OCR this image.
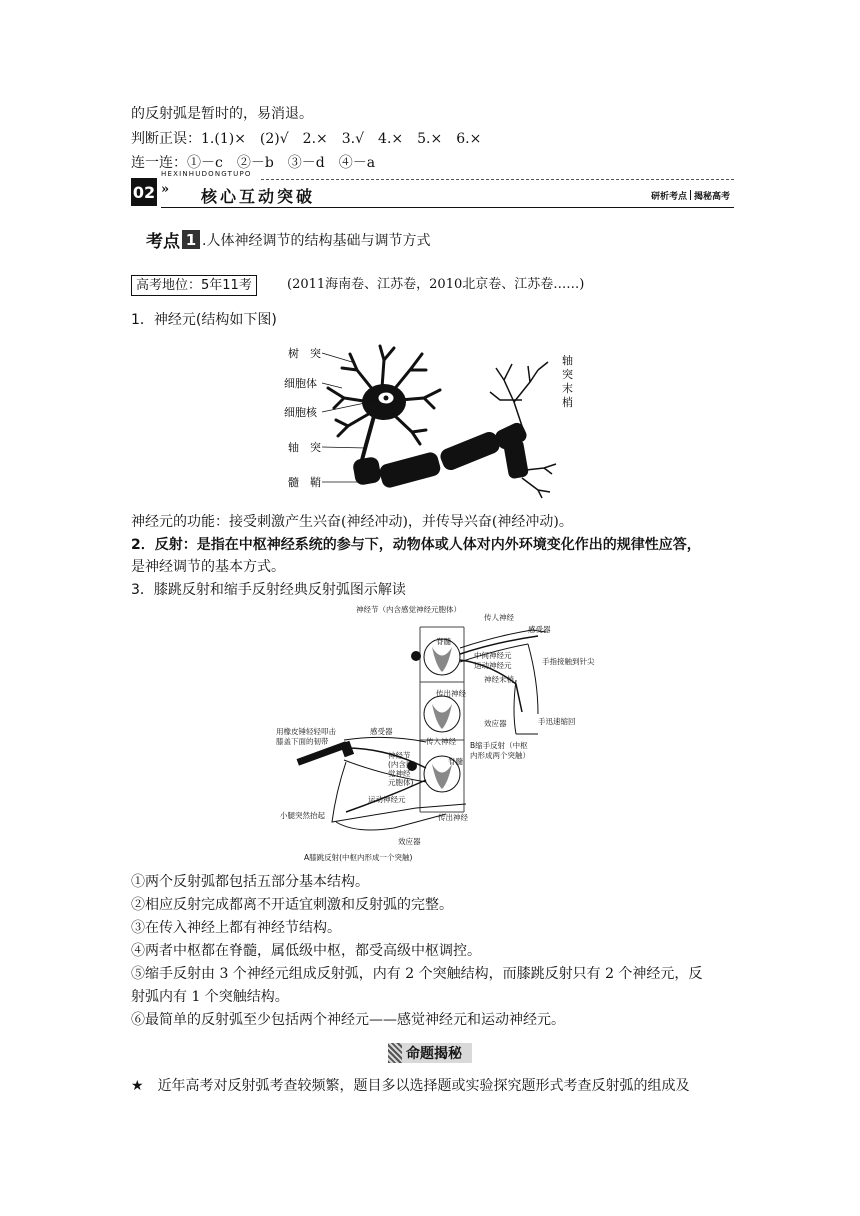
的反射弧是暂时的，易消退。
判断正误：1.(1)×　(2)√　2.×　3.√　4.×　5.×　6.×
连一连：①－c　②－b　③－d　④－a
HEXINHUDONGTUPO
02 » 核心互动突破	研析考点 揭秘高考
考点 1 .人体神经调节的结构基础与调节方式
高考地位：5年11考	(2011海南卷、江苏卷，2010北京卷、江苏卷……)
1．神经元(结构如下图)
树　突
细胞体
细胞核
轴　突
髓　鞘
轴
突
末
梢
神经元的功能：接受刺激产生兴奋(神经冲动)，并传导兴奋(神经冲动)。
2．反射：是指在中枢神经系统的参与下，动物体或人体对内外环境变化作出的规律性应答，
是神经调节的基本方式。
3．膝跳反射和缩手反射经典反射弧图示解读
神经节（内含感觉神经元胞体）
脊髓
传人神经
感受器
中间神经元
运动神经元	手指接触到针尖
神经末梢
传出神经
效应器	手迅速缩回
用橡皮锤轻轻叩击
膝盖下面的韧带
感受器
传入神经 B缩手反射（中枢
内形成两个突触）
神经节
(内含感
觉神经
元胞体)
脊髓
运动神经元
小腿突然抬起	传出神经
效应器
A膝跳反射(中枢内形成一个突触)
①两个反射弧都包括五部分基本结构。
②相应反射完成都离不开适宜刺激和反射弧的完整。
③在传入神经上都有神经节结构。
④两者中枢都在脊髓，属低级中枢，都受高级中枢调控。
⑤缩手反射由 3 个神经元组成反射弧，内有 2 个突触结构，而膝跳反射只有 2 个神经元，反
射弧内有 1 个突触结构。
⑥最简单的反射弧至少包括两个神经元——感觉神经元和运动神经元。
命题揭秘
★ 近年高考对反射弧考查较频繁，题目多以选择题或实验探究题形式考查反射弧的组成及
